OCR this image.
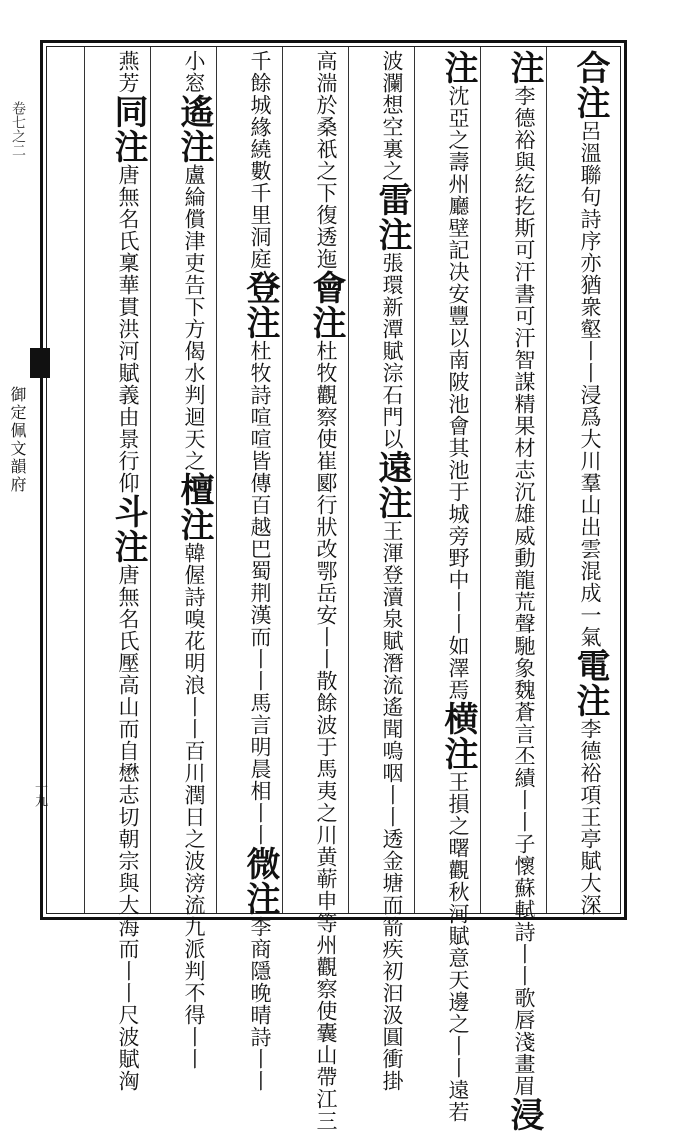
卷七之二
御定佩文韻府
十九
合注呂溫聯句詩序亦猶衆壑丨丨浸爲大川羣山出雲混成一氣電注李德裕項王亭賦大深
注李德裕與紇扢斯可汗書可汗智謀精果材志沉雄威動龍荒聲馳象魏蒼言丕績丨丨子懷蘇軾詩丨丨歌唇淺畫眉浸
注沈亞之壽州廳壁記决安豐以南陂池會其池于城旁野中丨丨如澤焉横注王損之曙觀秋河賦意天邊之丨丨遠若
波瀾想空裏之雷注張環新潭賦淙石門以遠注王渾登瀆泉賦潛流遙聞嗚咽丨丨透金塘而箭疾初汩汲圓衝掛
高湍於桑祇之下復透迤會注杜牧觀察使崔郾行狀改鄂岳安丨丨散餘波于馬夷之川黄蕲申等州觀察使囊山帶江三
千餘城緣繞數千里洞庭登注杜牧詩喧喧皆傳百越巴蜀荆漢而丨丨馬言明晨相丨丨微注李商隱晚晴詩丨丨
小窓遙注盧綸償津吏告下方偈水判迴天之檀注韓偓詩嗅花明浪丨丨百川潤日之波滂流九派判不得丨丨
燕芳同注唐無名氏稟華貫洪河賦義由景行仰斗注唐無名氏壓高山而自懋志切朝宗與大海而丨丨尺波賦洶
